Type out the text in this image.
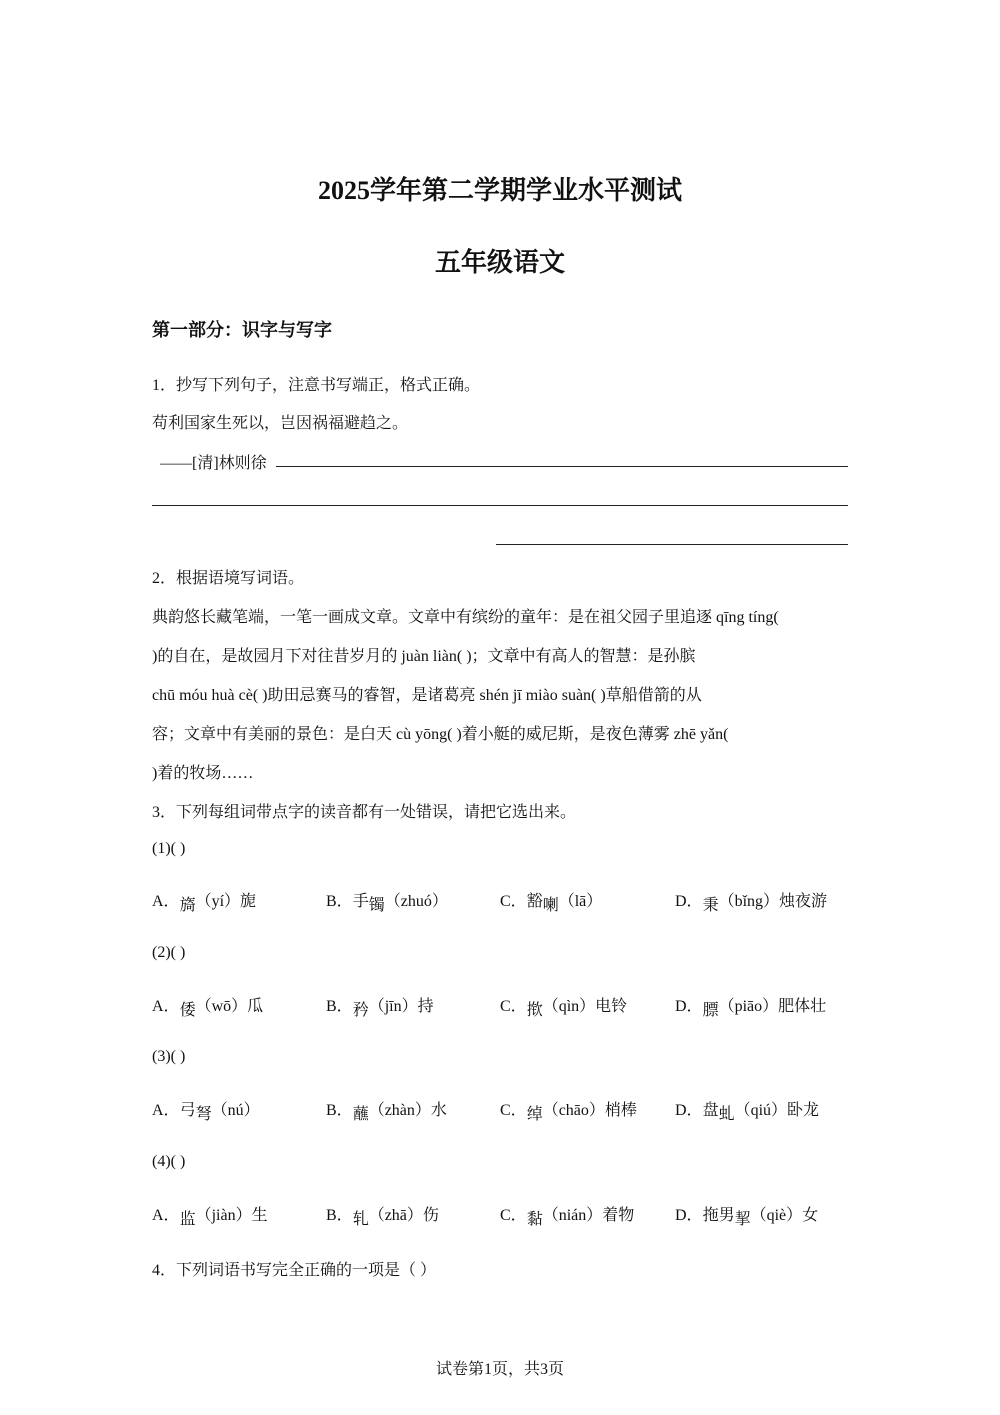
2025学年第二学期学业水平测试
五年级语文
第一部分：识字与写字
1．抄写下列句子，注意书写端正，格式正确。
苟利国家生死以，岂因祸福避趋之。
——[清]林则徐
2．根据语境写词语。
典韵悠长藏笔端，一笔一画成文章。文章中有缤纷的童年：是在祖父园子里追逐 qīng tíng(
)的自在，是故园月下对往昔岁月的 juàn liàn( )；文章中有高人的智慧：是孙膑
chū móu huà cè( )助田忌赛马的睿智，是诸葛亮 shén jī miào suàn( )草船借箭的从
容；文章中有美丽的景色：是白天 cù yōng( )着小艇的威尼斯，是夜色薄雾 zhē yǎn(
)着的牧场……
3．下列每组词带点字的读音都有一处错误，请把它选出来。
(1)( )
A．旖（yí）旎	B．手镯（zhuó）	C．豁喇（lā）	D．秉（bǐng）烛夜游
(2)( )
A．倭（wō）瓜	B．矜（jīn）持	C．揿（qìn）电铃	D．膘（piāo）肥体壮
(3)( )
A．弓弩（nú）	B．蘸（zhàn）水	C．绰（chāo）梢棒 D．盘虬（qiú）卧龙
(4)( )
A．监（jiàn）生	B．轧（zhā）伤	C．黏（nián）着物	D．拖男挈（qiè）女
4．下列词语书写完全正确的一项是（ ）
试卷第1页，共3页
